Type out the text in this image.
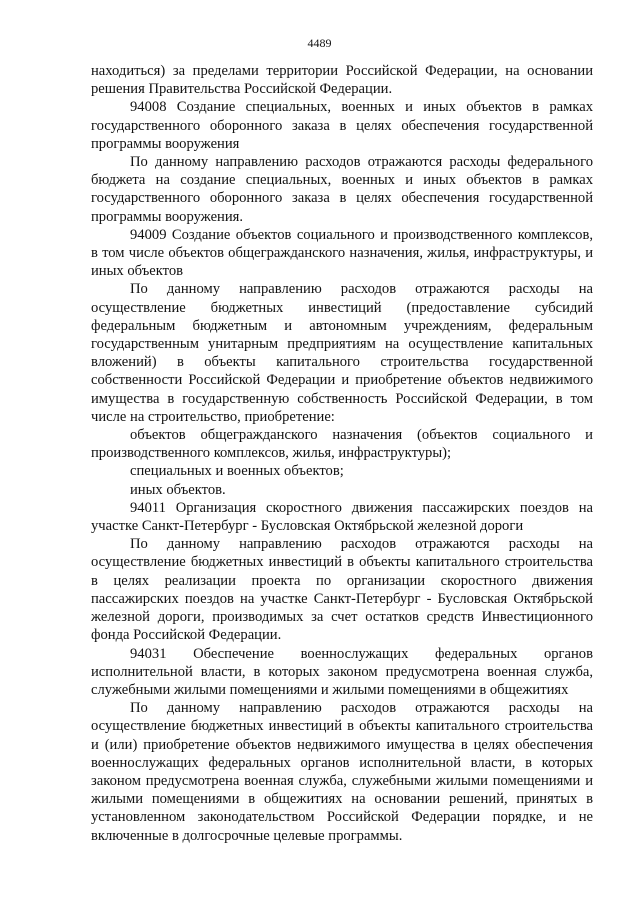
4489

находиться) за пределами территории Российской Федерации, на основании решения Правительства Российской Федерации.

94008 Создание специальных, военных и иных объектов в рамках государственного оборонного заказа в целях обеспечения государственной программы вооружения

По данному направлению расходов отражаются расходы федерального бюджета на создание специальных, военных и иных объектов в рамках государственного оборонного заказа в целях обеспечения государственной программы вооружения.

94009 Создание объектов социального и производственного комплексов, в том числе объектов общегражданского назначения, жилья, инфраструктуры, и иных объектов

По данному направлению расходов отражаются расходы на осуществление бюджетных инвестиций (предоставление субсидий федеральным бюджетным и автономным учреждениям, федеральным государственным унитарным предприятиям на осуществление капитальных вложений) в объекты капитального строительства государственной собственности Российской Федерации и приобретение объектов недвижимого имущества в государственную собственность Российской Федерации, в том числе на строительство, приобретение:

объектов общегражданского назначения (объектов социального и производственного комплексов, жилья, инфраструктуры);

специальных и военных объектов;

иных объектов.

94011 Организация скоростного движения пассажирских поездов на участке Санкт-Петербург - Бусловская Октябрьской железной дороги

По данному направлению расходов отражаются расходы на осуществление бюджетных инвестиций в объекты капитального строительства в целях реализации проекта по организации скоростного движения пассажирских поездов на участке Санкт-Петербург - Бусловская Октябрьской железной дороги, производимых за счет остатков средств Инвестиционного фонда Российской Федерации.

94031 Обеспечение военнослужащих федеральных органов исполнительной власти, в которых законом предусмотрена военная служба, служебными жилыми помещениями и жилыми помещениями в общежитиях

По данному направлению расходов отражаются расходы на осуществление бюджетных инвестиций в объекты капитального строительства и (или) приобретение объектов недвижимого имущества в целях обеспечения военнослужащих федеральных органов исполнительной власти, в которых законом предусмотрена военная служба, служебными жилыми помещениями и жилыми помещениями в общежитиях на основании решений, принятых в установленном законодательством Российской Федерации порядке, и не включенные в долгосрочные целевые программы.
